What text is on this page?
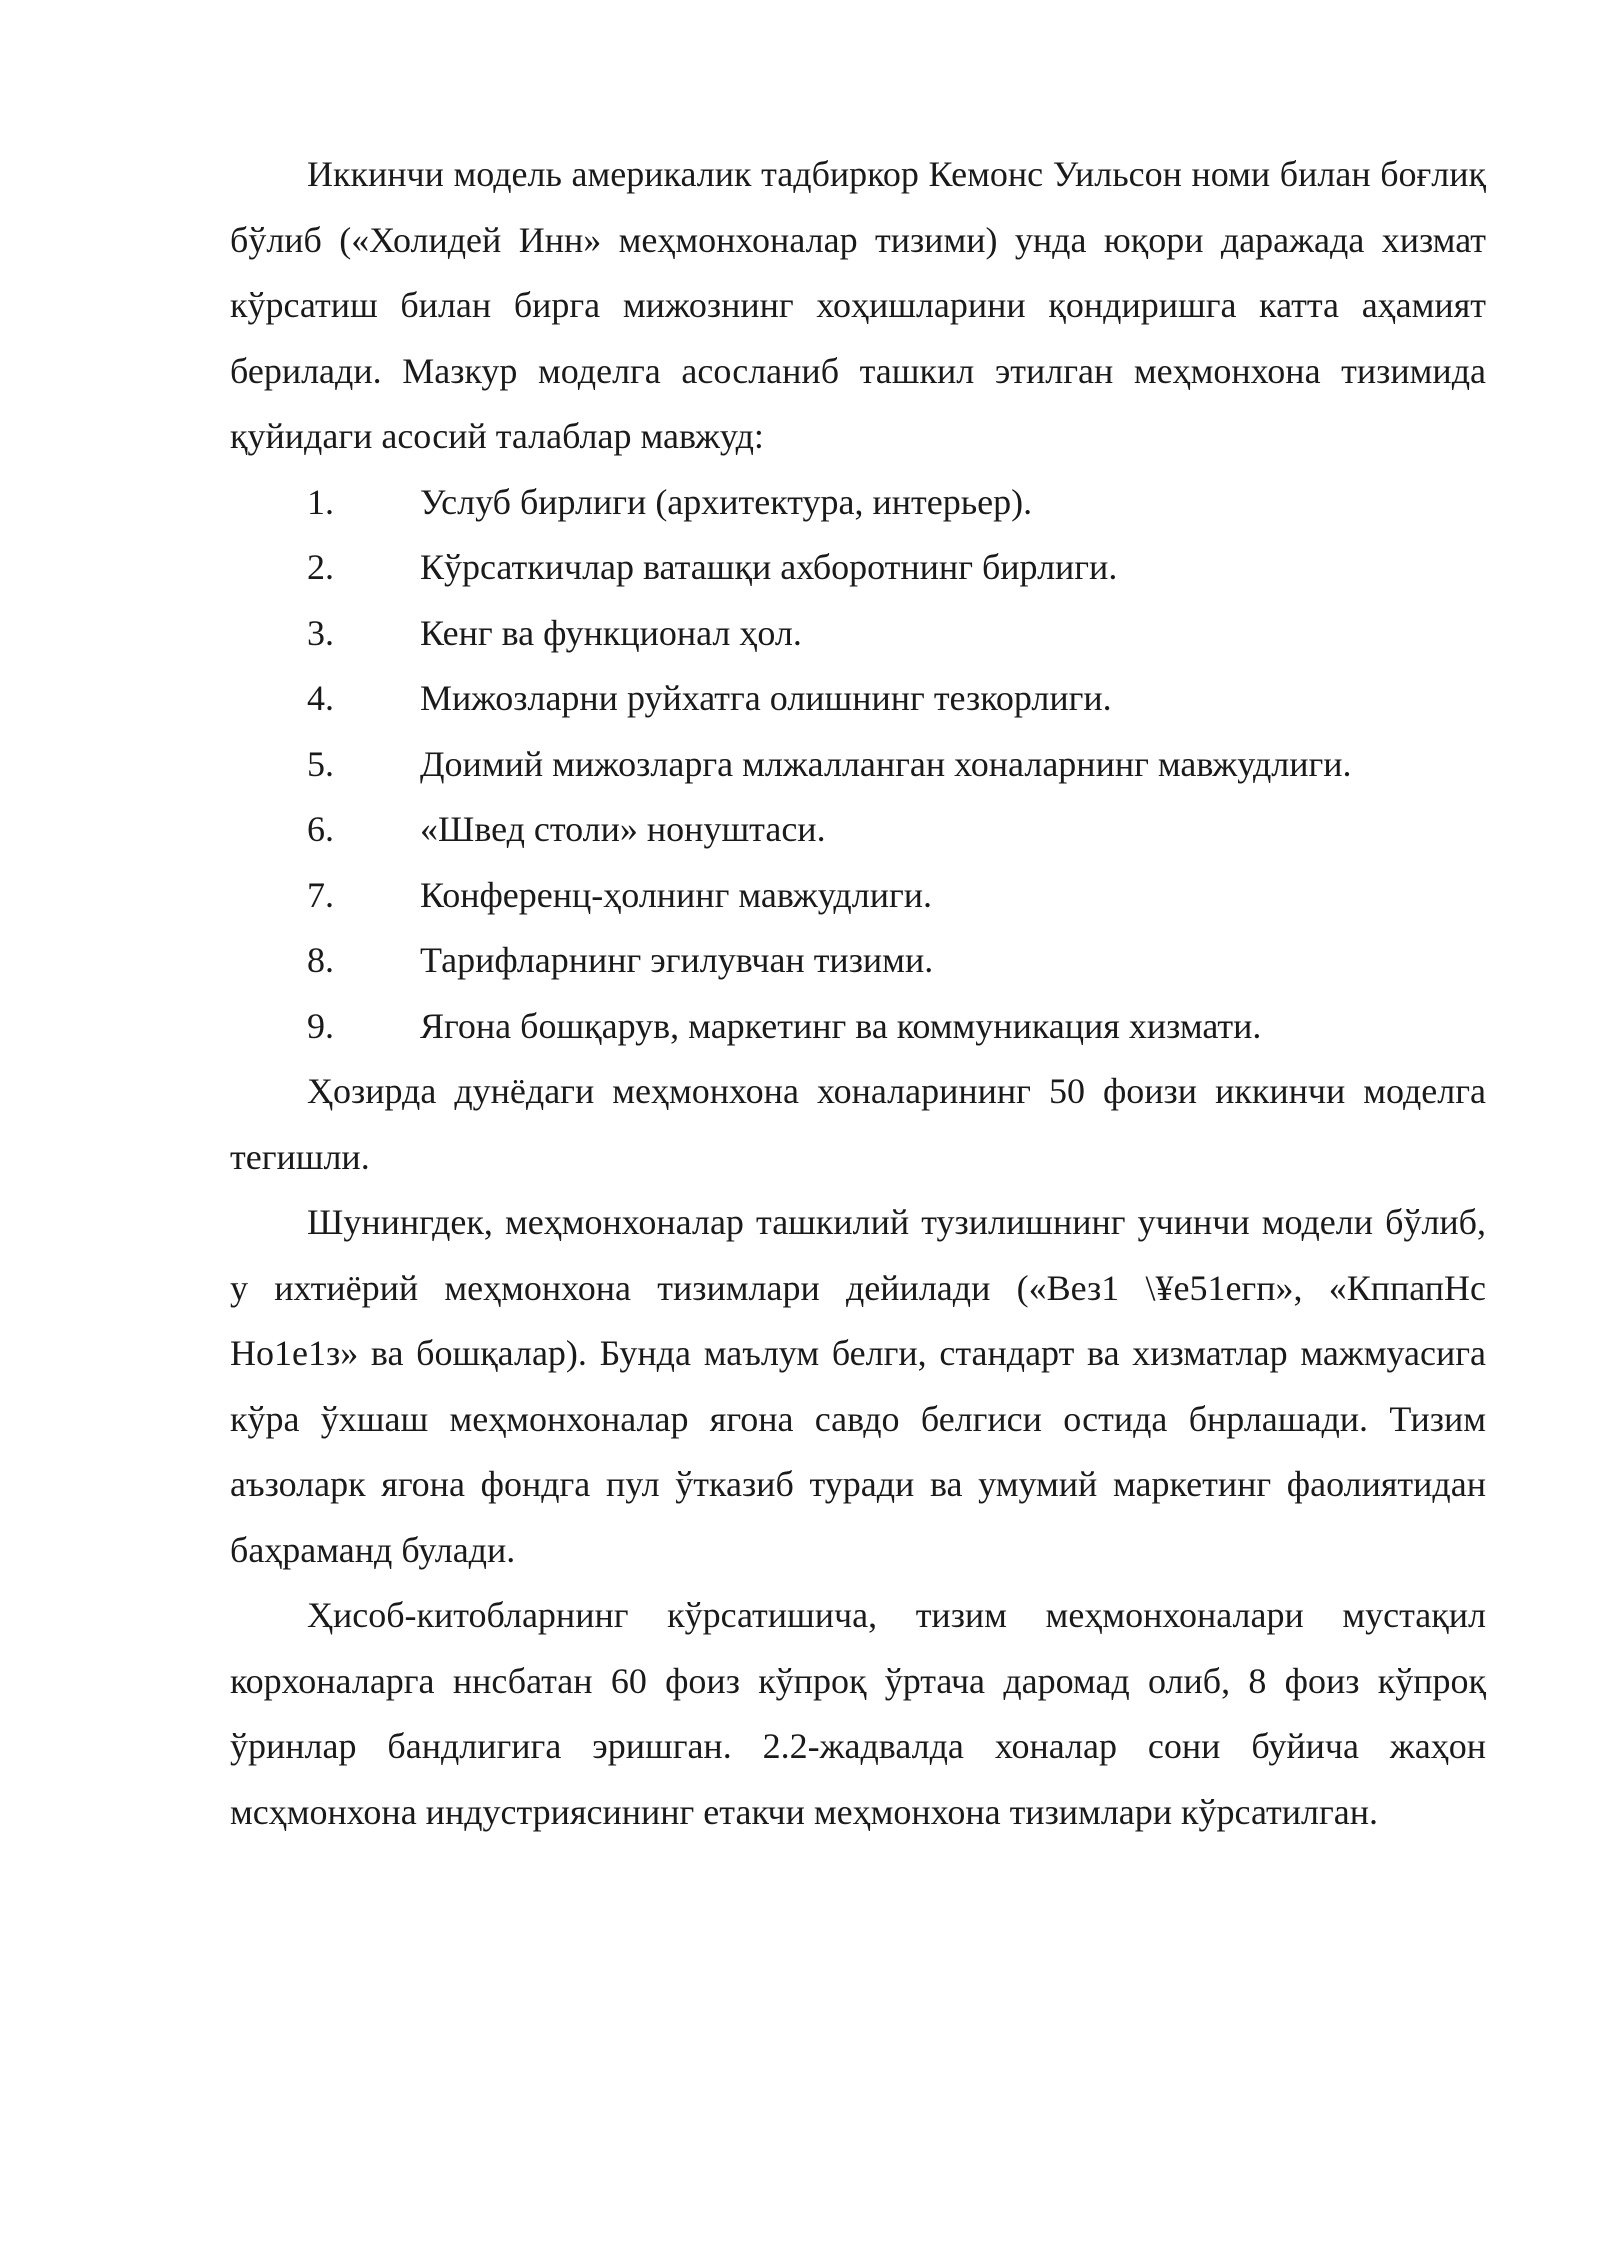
Иккинчи модель америкалик тадбиркор Кемонс Уильсон номи билан боғлиқ бўлиб («Холидей Инн» меҳмонхоналар тизими) унда юқори даражада хизмат кўрсатиш билан бирга мижознинг хоҳишларини қондиришга катта аҳамият берилади. Мазкур моделга асосланиб ташкил этилган меҳмонхона тизимида қуйидаги асосий талаблар мавжуд:

1. Услуб бирлиги (архитектура, интерьер).
2. Кўрсаткичлар ваташқи ахборотнинг бирлиги.
3. Кенг ва функционал ҳол.
4. Мижозларни руйхатга олишнинг тезкорлиги.
5. Доимий мижозларга млжалланган хоналарнинг мавжудлиги.
6. «Швед столи» нонуштаси.
7. Конференц-ҳолнинг мавжудлиги.
8. Тарифларнинг эгилувчан тизими.
9. Ягона бошқарув, маркетинг ва коммуникация хизмати.

Ҳозирда дунёдаги меҳмонхона хоналарининг 50 фоизи иккинчи моделга тегишли.

Шунингдек, меҳмонхоналар ташкилий тузилишнинг учинчи модели бўлиб, у ихтиёрий меҳмонхона тизимлари дейилади («Вез1 \¥е51егп», «КппапНс Но1е1з» ва бошқалар). Бунда маълум белги, стандарт ва хизматлар мажмуасига кўра ўхшаш меҳмонхоналар ягона савдо белгиси остида бнрлашади. Тизим аъзоларк ягона фондга пул ўтказиб туради ва умумий маркетинг фаолиятидан баҳраманд булади.

Ҳисоб-китобларнинг кўрсатишича, тизим меҳмонхоналари мустақил корхоналарга ннсбатан 60 фоиз кўпроқ ўртача даромад олиб, 8 фоиз кўпроқ ўринлар бандлигига эришган. 2.2-жадвалда хоналар сони буйича жаҳон мсҳмонхона индустриясининг етакчи меҳмонхона тизимлари кўрсатилган.
